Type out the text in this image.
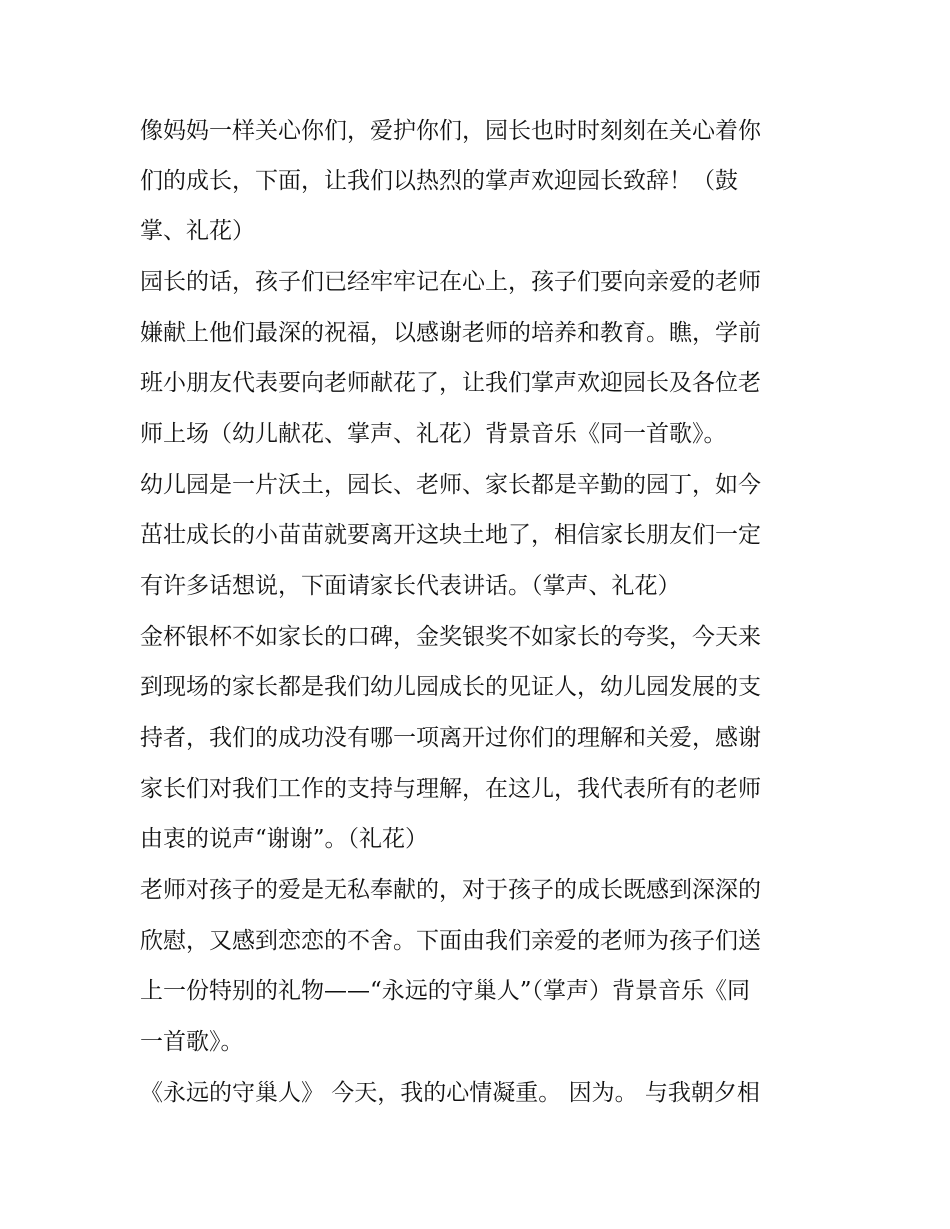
像妈妈一样关心你们，爱护你们，园长也时时刻刻在关心着你
们的成长，下面，让我们以热烈的掌声欢迎园长致辞！（鼓
掌、礼花）
园长的话，孩子们已经牢牢记在心上，孩子们要向亲爱的老师
嫌献上他们最深的祝福，以感谢老师的培养和教育。瞧，学前
班小朋友代表要向老师献花了，让我们掌声欢迎园长及各位老
师上场（幼儿献花、掌声、礼花）背景音乐《同一首歌》。
幼儿园是一片沃土，园长、老师、家长都是辛勤的园丁，如今
茁壮成长的小苗苗就要离开这块土地了，相信家长朋友们一定
有许多话想说，下面请家长代表讲话。（掌声、礼花）
金杯银杯不如家长的口碑，金奖银奖不如家长的夸奖，今天来
到现场的家长都是我们幼儿园成长的见证人，幼儿园发展的支
持者，我们的成功没有哪一项离开过你们的理解和关爱，感谢
家长们对我们工作的支持与理解，在这儿，我代表所有的老师
由衷的说声“谢谢”。（礼花）
老师对孩子的爱是无私奉献的，对于孩子的成长既感到深深的
欣慰，又感到恋恋的不舍。下面由我们亲爱的老师为孩子们送
上一份特别的礼物——“永远的守巢人”（掌声）背景音乐《同
一首歌》。
《永远的守巢人》 今天，我的心情凝重。 因为。 与我朝夕相
